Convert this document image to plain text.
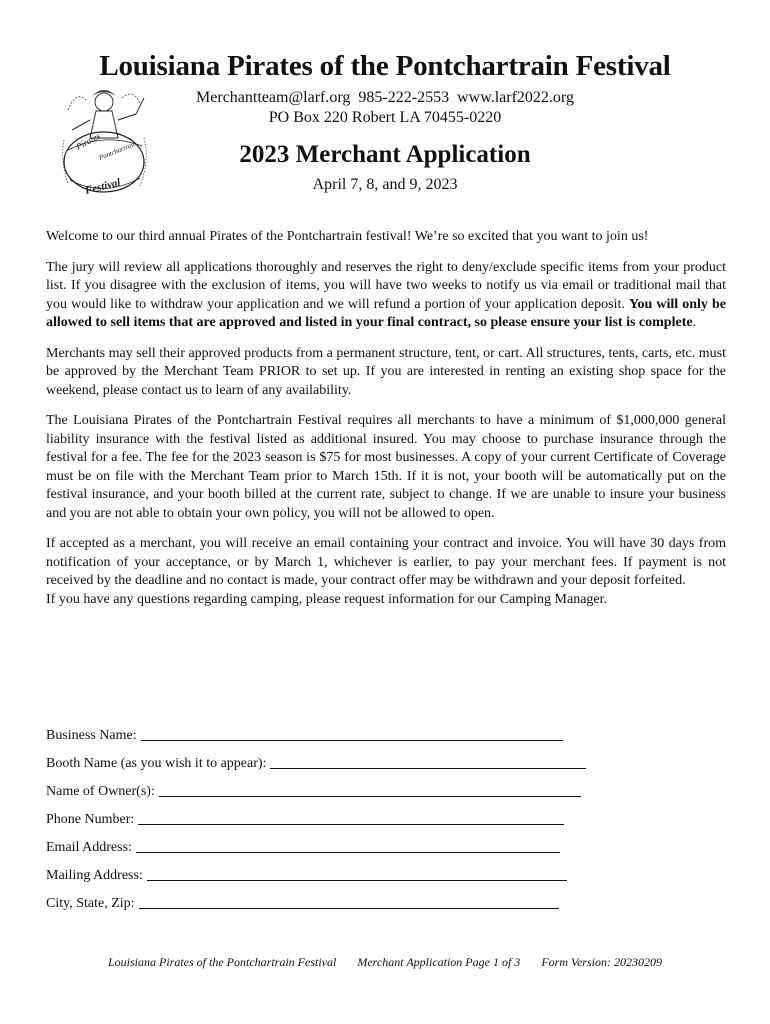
Pirates
Pontchartrain
Festival
Louisiana Pirates of the Pontchartrain Festival
Merchantteam@larf.org 985-222-2553 www.larf2022.org
PO Box 220 Robert LA 70455-0220
2023 Merchant Application
April 7, 8, and 9, 2023

Welcome to our third annual Pirates of the Pontchartrain festival! We’re so excited that you want to join us!

The jury will review all applications thoroughly and reserves the right to deny/exclude specific items from your product list. If you disagree with the exclusion of items, you will have two weeks to notify us via email or traditional mail that you would like to withdraw your application and we will refund a portion of your application deposit. You will only be allowed to sell items that are approved and listed in your final contract, so please ensure your list is complete.

Merchants may sell their approved products from a permanent structure, tent, or cart. All structures, tents, carts, etc. must be approved by the Merchant Team PRIOR to set up. If you are interested in renting an existing shop space for the weekend, please contact us to learn of any availability.

The Louisiana Pirates of the Pontchartrain Festival requires all merchants to have a minimum of $1,000,000 general liability insurance with the festival listed as additional insured. You may choose to purchase insurance through the festival for a fee. The fee for the 2023 season is $75 for most businesses. A copy of your current Certificate of Coverage must be on file with the Merchant Team prior to March 15th. If it is not, your booth will be automatically put on the festival insurance, and your booth billed at the current rate, subject to change. If we are unable to insure your business and you are not able to obtain your own policy, you will not be allowed to open.

If accepted as a merchant, you will receive an email containing your contract and invoice. You will have 30 days from notification of your acceptance, or by March 1, whichever is earlier, to pay your merchant fees. If payment is not received by the deadline and no contact is made, your contract offer may be withdrawn and your deposit forfeited.

If you have any questions regarding camping, please request information for our Camping Manager.

Business Name:
Booth Name (as you wish it to appear):
Name of Owner(s):
Phone Number:
Email Address:
Mailing Address:
City, State, Zip:
Louisiana Pirates of the Pontchartrain Festival Merchant Application Page 1 of 3 Form Version: 20230209
